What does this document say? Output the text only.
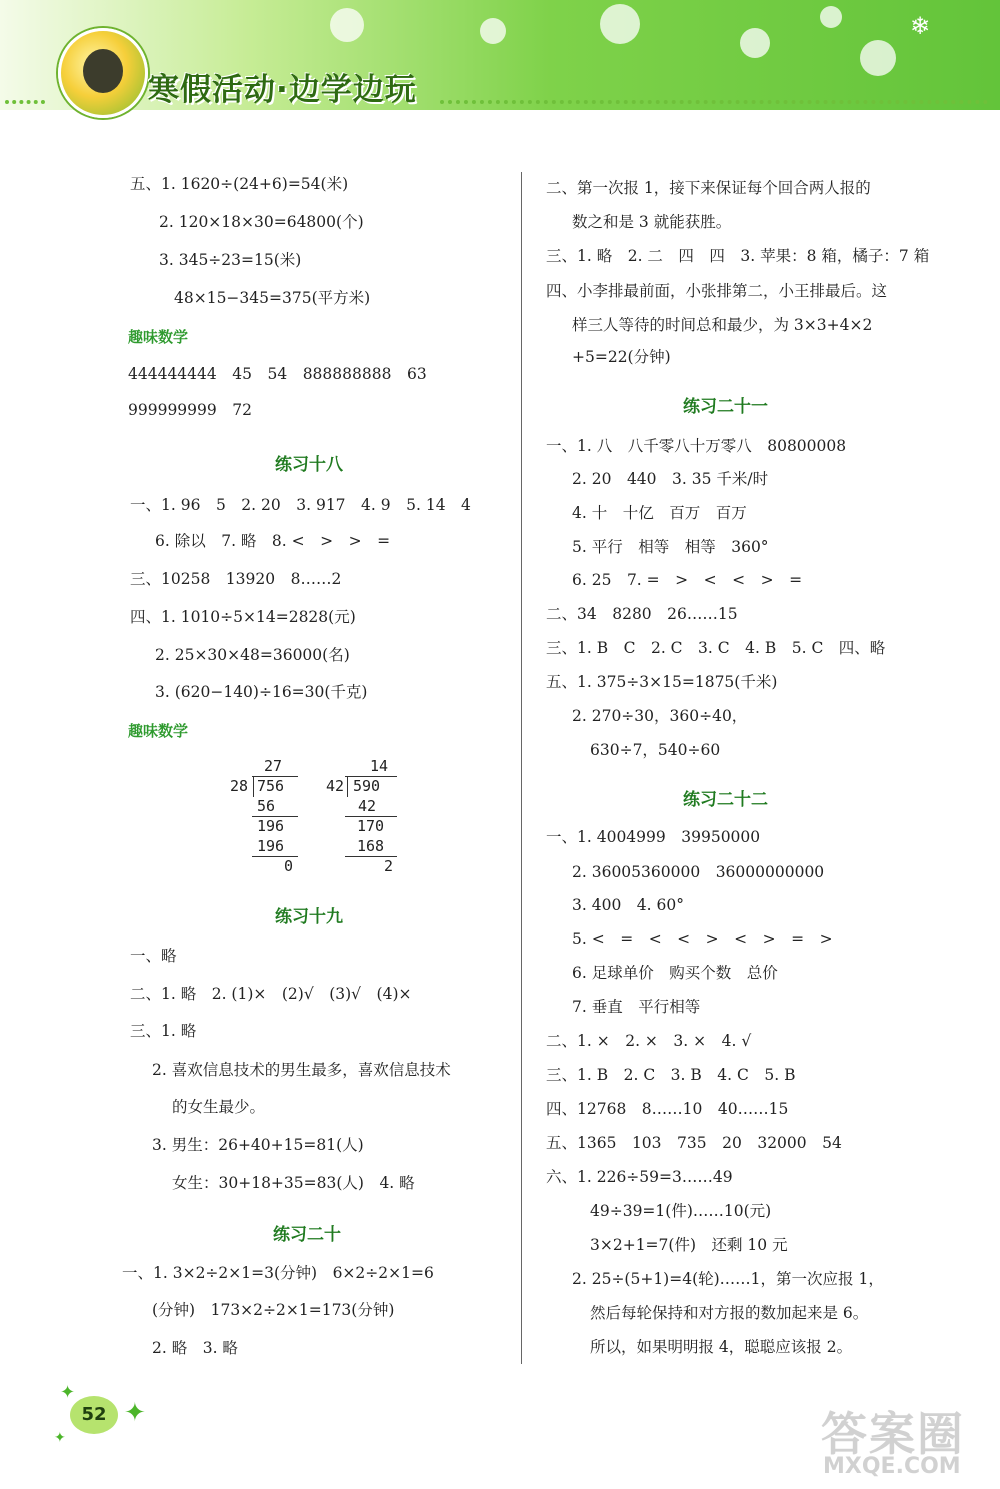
❄
寒假活动·边学边玩
五、1. 1620÷(24+6)=54(米)
2. 120×18×30=64800(个)
3. 345÷23=15(米)
48×15−345=375(平方米)
趣味数学
444444444　45　54　888888888　63
999999999　72
练习十八
一、1. 96　5　2. 20　3. 917　4. 9　5. 14　4
6. 除以　7. 略　8. <　>　>　=
三、10258　13920　8……2
四、1. 1010÷5×14=2828(元)
2. 25×30×48=36000(名)
3. (620−140)÷16=30(千克)
趣味数学
27
28 756
56
196
196
0
14
42 590
42
170
168
2
练习十九
一、略
二、1. 略　2. (1)×　(2)√　(3)√　(4)×
三、1. 略
2. 喜欢信息技术的男生最多，喜欢信息技术
的女生最少。
3. 男生：26+40+15=81(人)
女生：30+18+35=83(人)　4. 略
练习二十
一、1. 3×2÷2×1=3(分钟)　6×2÷2×1=6
(分钟)　173×2÷2×1=173(分钟)
2. 略　3. 略
二、第一次报 1，接下来保证每个回合两人报的
数之和是 3 就能获胜。
三、1. 略　2. 二　四　四　3. 苹果：8 箱，橘子：7 箱
四、小李排最前面，小张排第二，小王排最后。这
样三人等待的时间总和最少，为 3×3+4×2
+5=22(分钟)
练习二十一
一、1. 八　八千零八十万零八　80800008
2. 20　440　3. 35 千米/时
4. 十　十亿　百万　百万
5. 平行　相等　相等　360°
6. 25　7. =　>　<　<　>　=
二、34　8280　26……15
三、1. B　C　2. C　3. C　4. B　5. C　四、略
五、1. 375÷3×15=1875(千米)
2. 270÷30，360÷40，
630÷7，540÷60
练习二十二
一、1. 4004999　39950000
2. 36005360000　36000000000
3. 400　4. 60°
5. <　=　<　<　>　<　>　=　>
6. 足球单价　购买个数　总价
7. 垂直　平行相等
二、1. ×　2. ×　3. ×　4. √
三、1. B　2. C　3. B　4. C　5. B
四、12768　8……10　40……15
五、1365　103　735　20　32000　54
六、1. 226÷59=3……49
49÷39=1(件)……10(元)
3×2+1=7(件)　还剩 10 元
2. 25÷(5+1)=4(轮)……1，第一次应报 1，
然后每轮保持和对方报的数加起来是 6。
所以，如果明明报 4，聪聪应该报 2。
✦
✦
✦
52	答案圈
MXQE.COM
